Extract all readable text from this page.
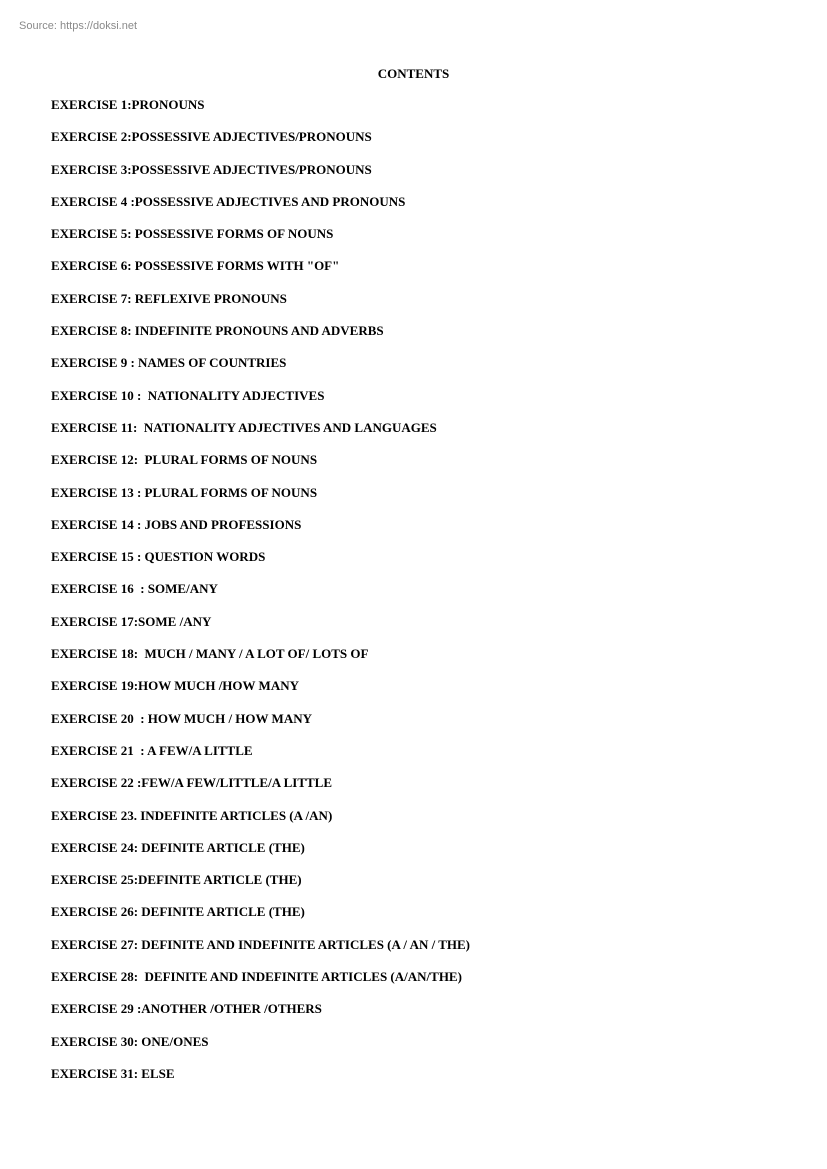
Source: https://doksi.net
CONTENTS
EXERCISE 1:PRONOUNS
EXERCISE 2:POSSESSIVE ADJECTIVES/PRONOUNS
EXERCISE 3:POSSESSIVE ADJECTIVES/PRONOUNS
EXERCISE 4 :POSSESSIVE ADJECTIVES AND PRONOUNS
EXERCISE 5: POSSESSIVE FORMS OF NOUNS
EXERCISE 6: POSSESSIVE FORMS WITH "OF"
EXERCISE 7: REFLEXIVE PRONOUNS
EXERCISE 8: INDEFINITE PRONOUNS AND ADVERBS
EXERCISE 9 : NAMES OF COUNTRIES
EXERCISE 10 :  NATIONALITY ADJECTIVES
EXERCISE 11:  NATIONALITY ADJECTIVES AND LANGUAGES
EXERCISE 12:  PLURAL FORMS OF NOUNS
EXERCISE 13 : PLURAL FORMS OF NOUNS
EXERCISE 14 : JOBS AND PROFESSIONS
EXERCISE 15 : QUESTION WORDS
EXERCISE 16  : SOME/ANY
EXERCISE 17:SOME /ANY
EXERCISE 18:  MUCH / MANY / A LOT OF/ LOTS OF
EXERCISE 19:HOW MUCH /HOW MANY
EXERCISE 20  : HOW MUCH / HOW MANY
EXERCISE 21  : A FEW/A LITTLE
EXERCISE 22 :FEW/A FEW/LITTLE/A LITTLE
EXERCISE 23. INDEFINITE ARTICLES (A /AN)
EXERCISE 24: DEFINITE ARTICLE (THE)
EXERCISE 25:DEFINITE ARTICLE (THE)
EXERCISE 26: DEFINITE ARTICLE (THE)
EXERCISE 27: DEFINITE AND INDEFINITE ARTICLES (A / AN / THE)
EXERCISE 28:  DEFINITE AND INDEFINITE ARTICLES (A/AN/THE)
EXERCISE 29 :ANOTHER /OTHER /OTHERS
EXERCISE 30: ONE/ONES
EXERCISE 31: ELSE
